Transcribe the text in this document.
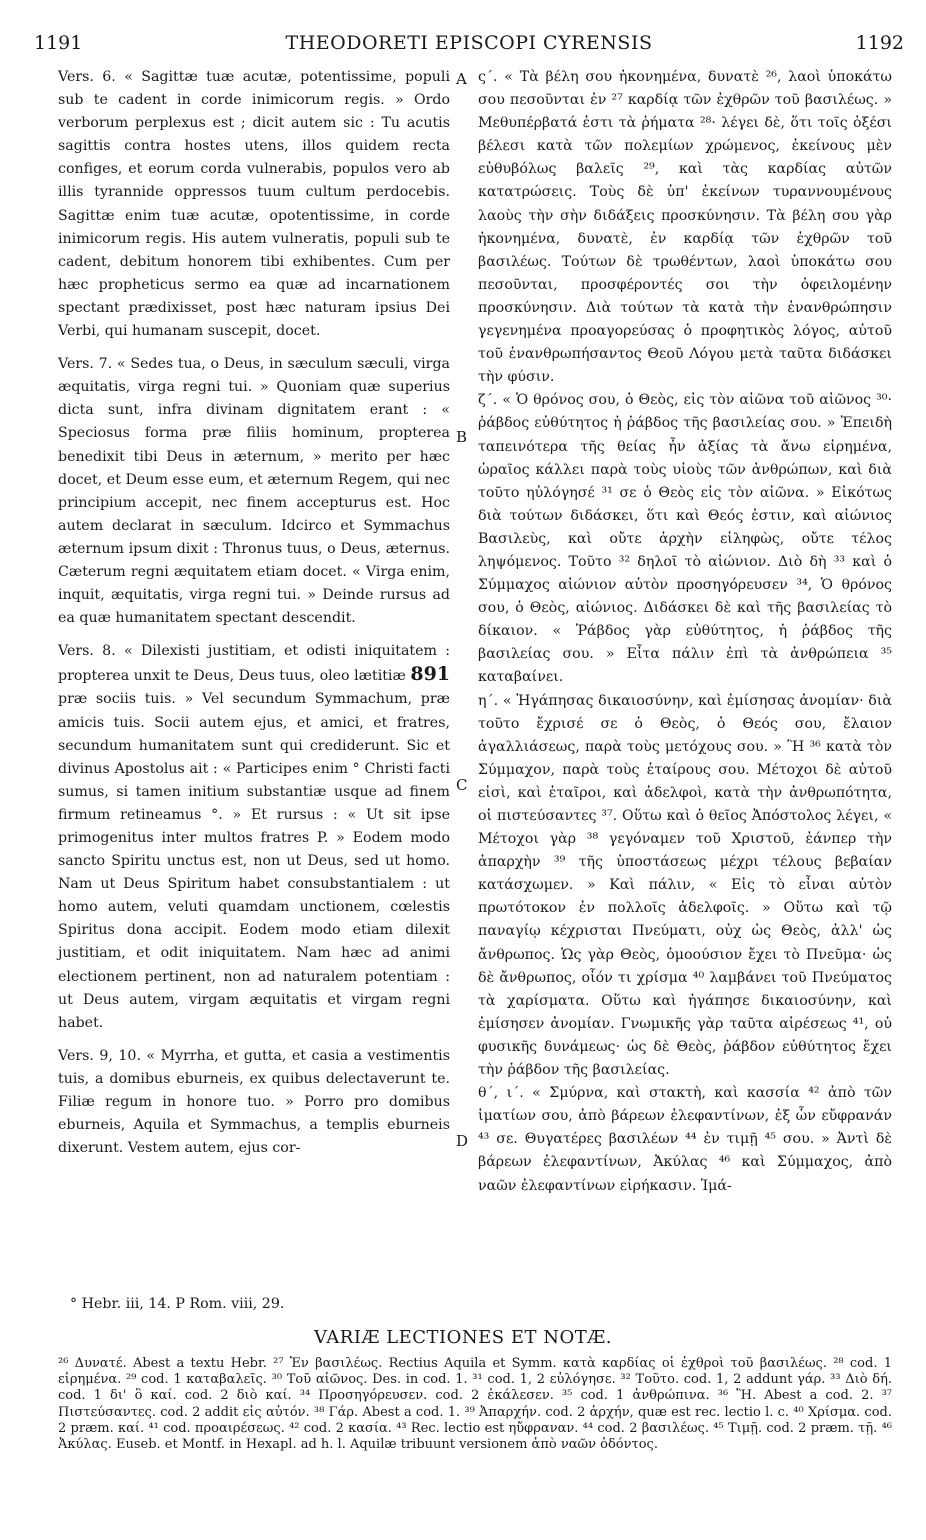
1191	THEODORETI EPISCOPI CYRENSIS	1192
A
B
C
D

Vers. 6. « Sagittæ tuæ acutæ, potentissime, populi sub te cadent in corde inimicorum regis. » Ordo verborum perplexus est ; dicit autem sic : Tu acutis sagittis contra hostes utens, illos quidem recta configes, et eorum corda vulnerabis, populos vero ab illis tyrannide oppressos tuum cultum perdocebis. Sagittæ enim tuæ acutæ, opotentissime, in corde inimicorum regis. His autem vulneratis, populi sub te cadent, debitum honorem tibi exhibentes. Cum per hæc propheticus sermo ea quæ ad incarnationem spectant prædixisset, post hæc naturam ipsius Dei Verbi, qui humanam suscepit, docet.

Vers. 7. « Sedes tua, o Deus, in sæculum sæculi, virga æquitatis, virga regni tui. » Quoniam quæ superius dicta sunt, infra divinam dignitatem erant : « Speciosus forma præ filiis hominum, propterea benedixit tibi Deus in æternum, » merito per hæc docet, et Deum esse eum, et æternum Regem, qui nec principium accepit, nec finem accepturus est. Hoc autem declarat in sæculum. Idcirco et Symmachus æternum ipsum dixit : Thronus tuus, o Deus, æternus. Cæterum regni æquitatem etiam docet. « Virga enim, inquit, æquitatis, virga regni tui. » Deinde rursus ad ea quæ humanitatem spectant descendit.

Vers. 8. « Dilexisti justitiam, et odisti iniquitatem : propterea unxit te Deus, Deus tuus, oleo lætitiæ 891 præ sociis tuis. » Vel secundum Symmachum, præ amicis tuis. Socii autem ejus, et amici, et fratres, secundum humanitatem sunt qui crediderunt. Sic et divinus Apostolus ait : « Participes enim ° Christi facti sumus, si tamen initium substantiæ usque ad finem firmum retineamus °. » Et rursus : « Ut sit ipse primogenitus inter multos fratres P. » Eodem modo sancto Spiritu unctus est, non ut Deus, sed ut homo. Nam ut Deus Spiritum habet consubstantialem : ut homo autem, veluti quamdam unctionem, cœlestis Spiritus dona accipit. Eodem modo etiam dilexit justitiam, et odit iniquitatem. Nam hæc ad animi electionem pertinent, non ad naturalem potentiam : ut Deus autem, virgam æquitatis et virgam regni habet.

Vers. 9, 10. « Myrrha, et gutta, et casia a vestimentis tuis, a domibus eburneis, ex quibus delectaverunt te. Filiæ regum in honore tuo. » Porro pro domibus eburneis, Aquila et Symmachus, a templis eburneis dixerunt. Vestem autem, ejus cor-

ς΄. « Τὰ βέλη σου ἠκονημένα, δυνατὲ ²⁶, λαοὶ ὑποκάτω σου πεσοῦνται ἐν ²⁷ καρδίᾳ τῶν ἐχθρῶν τοῦ βασιλέως. » Μεθυπέρβατά ἐστι τὰ ῥήματα ²⁸· λέγει δὲ, ὅτι τοῖς ὀξέσι βέλεσι κατὰ τῶν πολεμίων χρώμενος, ἐκείνους μὲν εὐθυβόλως βαλεῖς ²⁹, καὶ τὰς καρδίας αὐτῶν κατατρώσεις. Τοὺς δὲ ὑπ' ἐκείνων τυραννουμένους λαοὺς τὴν σὴν διδάξεις προσκύνησιν. Τὰ βέλη σου γὰρ ἠκονημένα, δυνατὲ, ἐν καρδίᾳ τῶν ἐχθρῶν τοῦ βασιλέως. Τούτων δὲ τρωθέντων, λαοὶ ὑποκάτω σου πεσοῦνται, προσφέροντές σοι τὴν ὀφειλομένην προσκύνησιν. Διὰ τούτων τὰ κατὰ τὴν ἐνανθρώπησιν γεγενημένα προαγορεύσας ὁ προφητικὸς λόγος, αὐτοῦ τοῦ ἐνανθρωπήσαντος Θεοῦ Λόγου μετὰ ταῦτα διδάσκει τὴν φύσιν.

ζ΄. « Ὁ θρόνος σου, ὁ Θεὸς, εἰς τὸν αἰῶνα τοῦ αἰῶνος ³⁰· ῥάβδος εὐθύτητος ἡ ῥάβδος τῆς βασιλείας σου. » Ἐπειδὴ ταπεινότερα τῆς θείας ἦν ἀξίας τὰ ἄνω εἰρημένα, ὡραῖος κάλλει παρὰ τοὺς υἱοὺς τῶν ἀνθρώπων, καὶ διὰ τοῦτο ηὐλόγησέ ³¹ σε ὁ Θεὸς εἰς τὸν αἰῶνα. » Εἰκότως διὰ τούτων διδάσκει, ὅτι καὶ Θεός ἐστιν, καὶ αἰώνιος Βασιλεὺς, καὶ οὔτε ἀρχὴν εἰληφὼς, οὔτε τέλος ληψόμενος. Τοῦτο ³² δηλοῖ τὸ αἰώνιον. Διὸ δὴ ³³ καὶ ὁ Σύμμαχος αἰώνιον αὐτὸν προσηγόρευσεν ³⁴, Ὁ θρόνος σου, ὁ Θεὸς, αἰώνιος. Διδάσκει δὲ καὶ τῆς βασιλείας τὸ δίκαιον. « Ῥάβδος γὰρ εὐθύτητος, ἡ ῥάβδος τῆς βασιλείας σου. » Εἶτα πάλιν ἐπὶ τὰ ἀνθρώπεια ³⁵ καταβαίνει.

η΄. « Ἠγάπησας δικαιοσύνην, καὶ ἐμίσησας ἀνομίαν· διὰ τοῦτο ἔχρισέ σε ὁ Θεὸς, ὁ Θεός σου, ἔλαιον ἀγαλλιάσεως, παρὰ τοὺς μετόχους σου. » Ἢ ³⁶ κατὰ τὸν Σύμμαχον, παρὰ τοὺς ἑταίρους σου. Μέτοχοι δὲ αὐτοῦ εἰσὶ, καὶ ἑταῖροι, καὶ ἀδελφοὶ, κατὰ τὴν ἀνθρωπότητα, οἱ πιστεύσαντες ³⁷. Οὕτω καὶ ὁ θεῖος Ἀπόστολος λέγει, « Μέτοχοι γὰρ ³⁸ γεγόναμεν τοῦ Χριστοῦ, ἐάνπερ τὴν ἀπαρχὴν ³⁹ τῆς ὑποστάσεως μέχρι τέλους βεβαίαν κατάσχωμεν. » Καὶ πάλιν, « Εἰς τὸ εἶναι αὐτὸν πρωτότοκον ἐν πολλοῖς ἀδελφοῖς. » Οὕτω καὶ τῷ παναγίῳ κέχρισται Πνεύματι, οὐχ ὡς Θεὸς, ἀλλ' ὡς ἄνθρωπος. Ὡς γὰρ Θεὸς, ὁμοούσιον ἔχει τὸ Πνεῦμα· ὡς δὲ ἄνθρωπος, οἷόν τι χρίσμα ⁴⁰ λαμβάνει τοῦ Πνεύματος τὰ χαρίσματα. Οὕτω καὶ ἠγάπησε δικαιοσύνην, καὶ ἐμίσησεν ἀνομίαν. Γνωμικῆς γὰρ ταῦτα αἱρέσεως ⁴¹, οὐ φυσικῆς δυνάμεως· ὡς δὲ Θεὸς, ῥάβδον εὐθύτητος ἔχει τὴν ῥάβδον τῆς βασιλείας.

θ΄, ι΄. « Σμύρνα, καὶ στακτὴ, καὶ κασσία ⁴² ἀπὸ τῶν ἱματίων σου, ἀπὸ βάρεων ἐλεφαντίνων, ἐξ ὧν εὔφρανάν ⁴³ σε. Θυγατέρες βασιλέων ⁴⁴ ἐν τιμῇ ⁴⁵ σου. » Ἀντὶ δὲ βάρεων ἐλεφαντίνων, Ἀκύλας ⁴⁶ καὶ Σύμμαχος, ἀπὸ ναῶν ἐλεφαντίνων εἰρήκασιν. Ἱμά-

° Hebr. iii, 14. P Rom. viii, 29.
VARIÆ LECTIONES ET NOTÆ.

²⁶ Δυνατέ. Abest a textu Hebr. ²⁷ Ἐν βασιλέως. Rectius Aquila et Symm. κατὰ καρδίας οἱ ἐχθροὶ τοῦ βασιλέως. ²⁸ cod. 1 εἰρημένα. ²⁹ cod. 1 καταβαλεῖς. ³⁰ Τοῦ αἰῶνος. Des. in cod. 1. ³¹ cod. 1, 2 εὐλόγησε. ³² Τοῦτο. cod. 1, 2 addunt γάρ. ³³ Διὸ δή. cod. 1 δι' ὃ καί. cod. 2 διὸ καί. ³⁴ Προσηγόρευσεν. cod. 2 ἐκάλεσεν. ³⁵ cod. 1 ἀνθρώπινα. ³⁶ Ἢ. Abest a cod. 2. ³⁷ Πιστεύσαντες. cod. 2 addit εἰς αὐτόν. ³⁸ Γάρ. Abest a cod. 1. ³⁹ Ἀπαρχήν. cod. 2 ἀρχήν, quæ est rec. lectio l. c. ⁴⁰ Χρίσμα. cod. 2 præm. καί. ⁴¹ cod. προαιρέσεως. ⁴² cod. 2 κασία. ⁴³ Rec. lectio est ηὔφραναν. ⁴⁴ cod. 2 βασιλέως. ⁴⁵ Τιμῇ. cod. 2 præm. τῇ. ⁴⁶ Ἀκύλας. Euseb. et Montf. in Hexapl. ad h. l. Aquilæ tribuunt versionem ἀπὸ ναῶν ὀδόντος.
